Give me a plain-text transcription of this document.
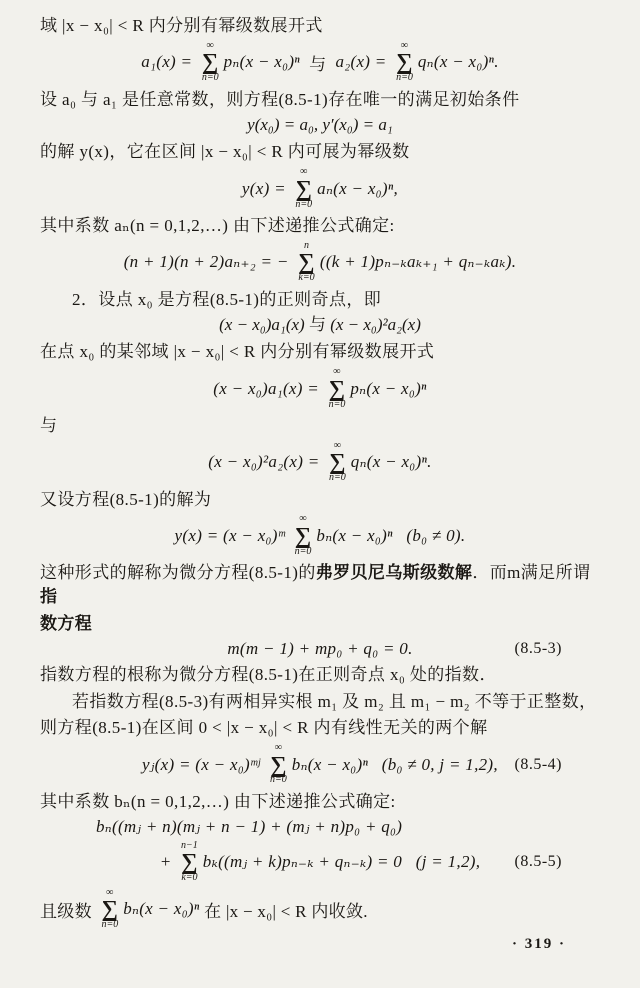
域 |x − x₀| < R 内分别有幂级数展开式

a₁(x) =
∞
∑
n=0
pₙ(x − x₀)ⁿ 与 a₂(x) =
∞
∑
n=0
qₙ(x − x₀)ⁿ.

设 a₀ 与 a₁ 是任意常数，则方程(8.5-1)存在唯一的满足初始条件

y(x₀) = a₀, y′(x₀) = a₁

的解 y(x)，它在区间 |x − x₀| < R 内可展为幂级数

y(x) =
∞
∑
n=0
aₙ(x − x₀)ⁿ,

其中系数 aₙ(n = 0,1,2,…) 由下述递推公式确定:

(n + 1)(n + 2)aₙ₊₂ = −
n
∑
k=0
((k + 1)pₙ₋ₖaₖ₊₁ + qₙ₋ₖaₖ).

2．设点 x₀ 是方程(8.5-1)的正则奇点，即

(x − x₀)a₁(x) 与 (x − x₀)²a₂(x)

在点 x₀ 的某邻域 |x − x₀| < R 内分别有幂级数展开式

(x − x₀)a₁(x) =
∞
∑
n=0
pₙ(x − x₀)ⁿ

与

(x − x₀)²a₂(x) =
∞
∑
n=0
qₙ(x − x₀)ⁿ.

又设方程(8.5-1)的解为

y(x) = (x − x₀)ᵐ
∞
∑
n=0
bₙ(x − x₀)ⁿ   (b₀ ≠ 0).

这种形式的解称为微分方程(8.5-1)的弗罗贝尼乌斯级数解．而m满足所谓指

数方程

m(m − 1) + mp₀ + q₀ = 0.	(8.5-3)

指数方程的根称为微分方程(8.5-1)在正则奇点 x₀ 处的指数．

若指数方程(8.5-3)有两相异实根 m₁ 及 m₂ 且 m₁ − m₂ 不等于正整数，

则方程(8.5-1)在区间 0 < |x − x₀| < R 内有线性无关的两个解

yⱼ(x) = (x − x₀)ᵐʲ
∞
∑
n=0
bₙ(x − x₀)ⁿ   (b₀ ≠ 0, j = 1,2), (8.5-4)

其中系数 bₙ(n = 0,1,2,…) 由下述递推公式确定:

bₙ((mⱼ + n)(mⱼ + n − 1) + (mⱼ + n)p₀ + q₀)
+
n−1
∑
k=0
bₖ((mⱼ + k)pₙ₋ₖ + qₙ₋ₖ) = 0   (j = 1,2), (8.5-5)
且级数
∞
∑
n=0
bₙ(x − x₀)ⁿ 在 |x − x₀| < R 内收敛.
· 319 ·
